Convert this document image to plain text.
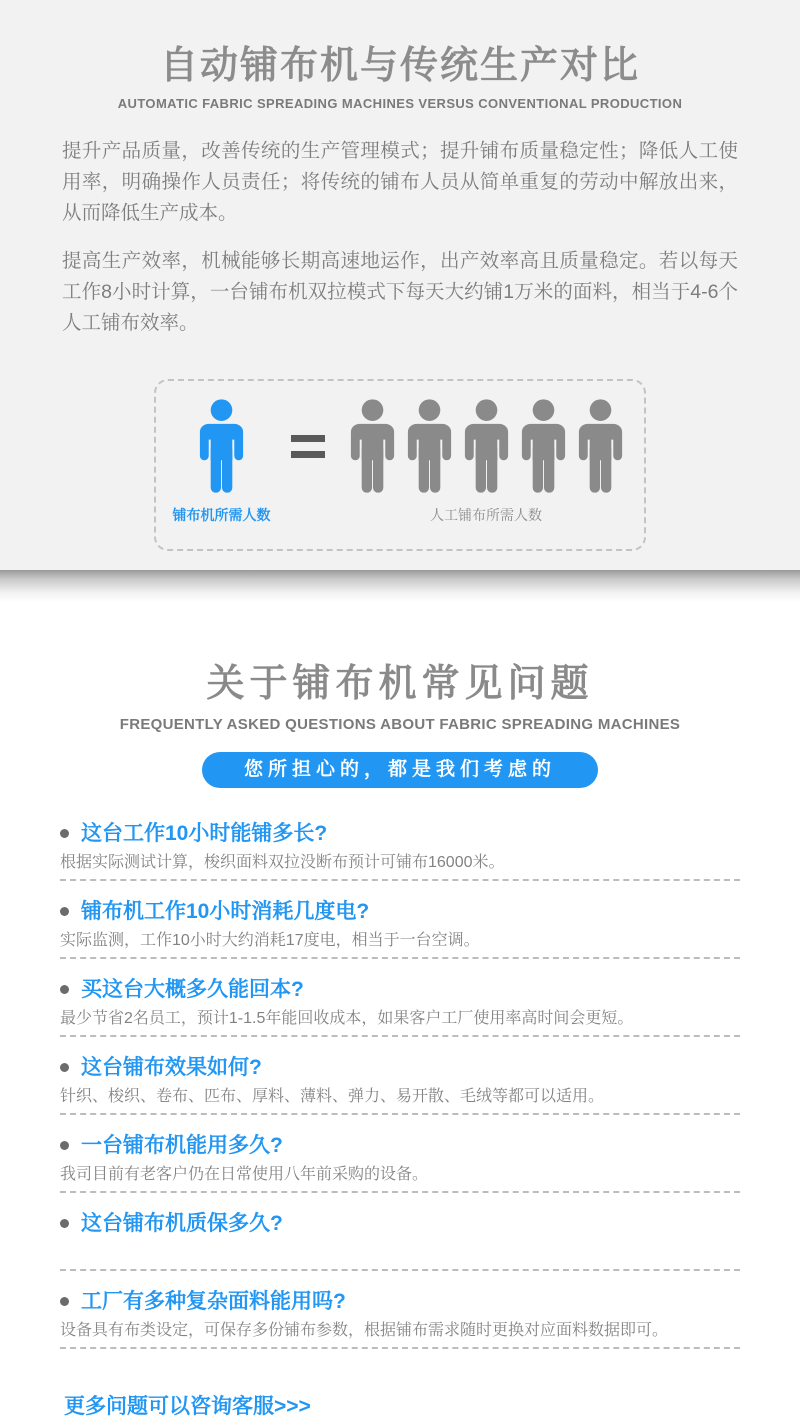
自动铺布机与传统生产对比
AUTOMATIC FABRIC SPREADING MACHINES VERSUS CONVENTIONAL PRODUCTION
提升产品质量，改善传统的生产管理模式；提升铺布质量稳定性；降低人工使用率，明确操作人员责任；将传统的铺布人员从简单重复的劳动中解放出来，从而降低生产成本。
提高生产效率，机械能够长期高速地运作，出产效率高且质量稳定。若以每天工作8小时计算，一台铺布机双拉模式下每天大约铺1万米的面料，相当于4-6个人工铺布效率。
铺布机所需人数	人工铺布所需人数
关于铺布机常见问题
FREQUENTLY ASKED QUESTIONS ABOUT FABRIC SPREADING MACHINES
您所担心的，都是我们考虑的
这台工作10小时能铺多长?
根据实际测试计算，梭织面料双拉没断布预计可铺布16000米。
铺布机工作10小时消耗几度电?
实际监测，工作10小时大约消耗17度电，相当于一台空调。
买这台大概多久能回本?
最少节省2名员工，预计1-1.5年能回收成本，如果客户工厂使用率高时间会更短。
这台铺布效果如何?
针织、梭织、卷布、匹布、厚料、薄料、弹力、易开散、毛绒等都可以适用。
一台铺布机能用多久?
我司目前有老客户仍在日常使用八年前采购的设备。
这台铺布机质保多久?
工厂有多种复杂面料能用吗?
设备具有布类设定，可保存多份铺布参数，根据铺布需求随时更换对应面料数据即可。
更多问题可以咨询客服>>>
